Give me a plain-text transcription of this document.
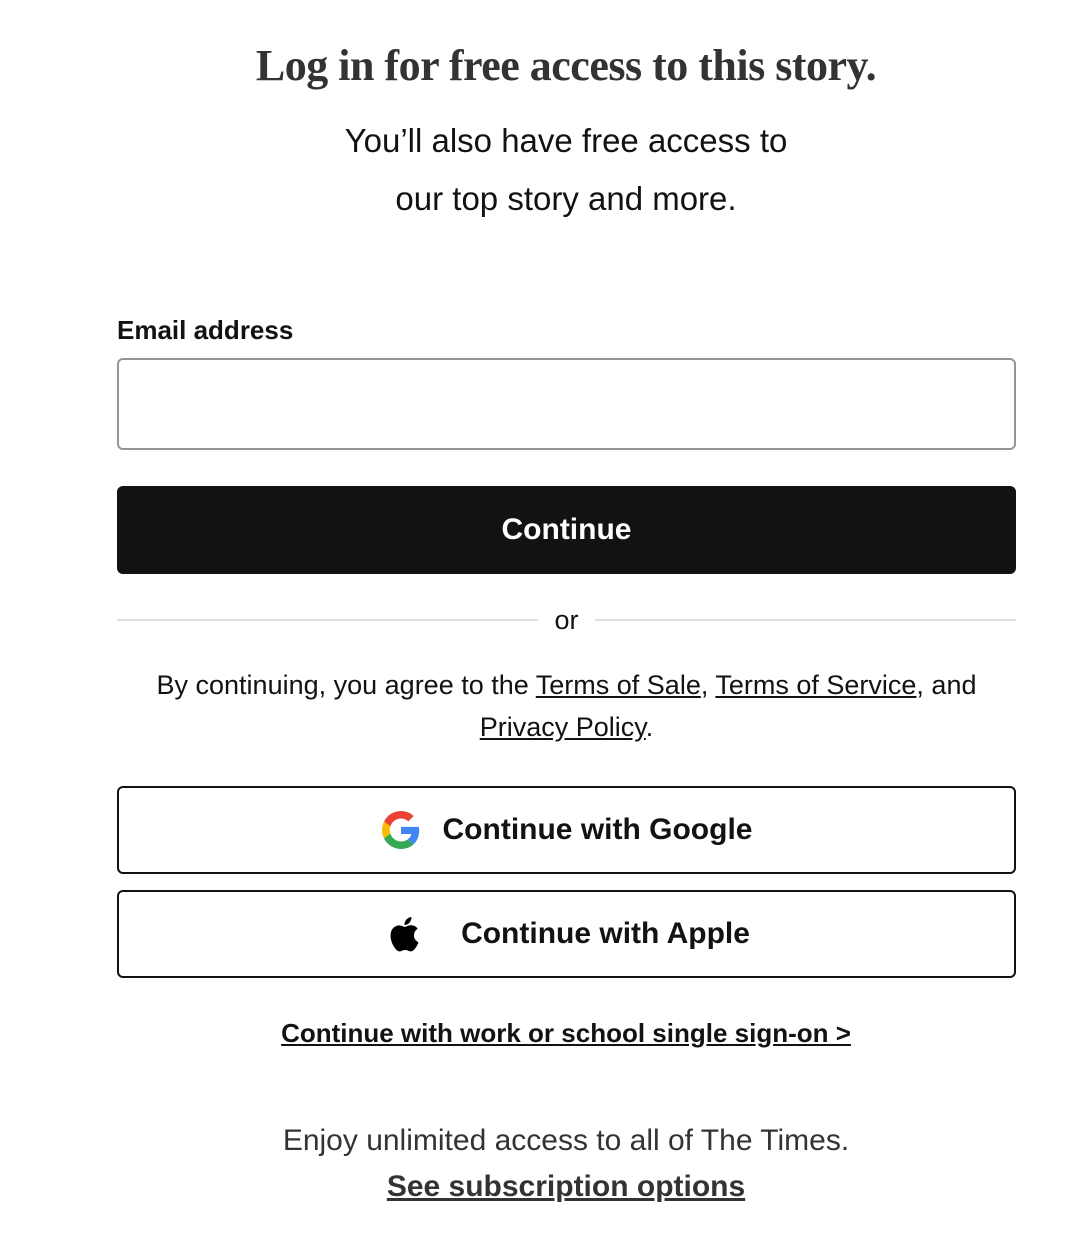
Log in for free access to this story.

You’ll also have free access to
our top story and more.

Email address
Continue
or
By continuing, you agree to the Terms of Sale, Terms of Service, and
Privacy Policy.
Continue with Google
Continue with Apple
Continue with work or school single sign-on >
Enjoy unlimited access to all of The Times.
See subscription options
